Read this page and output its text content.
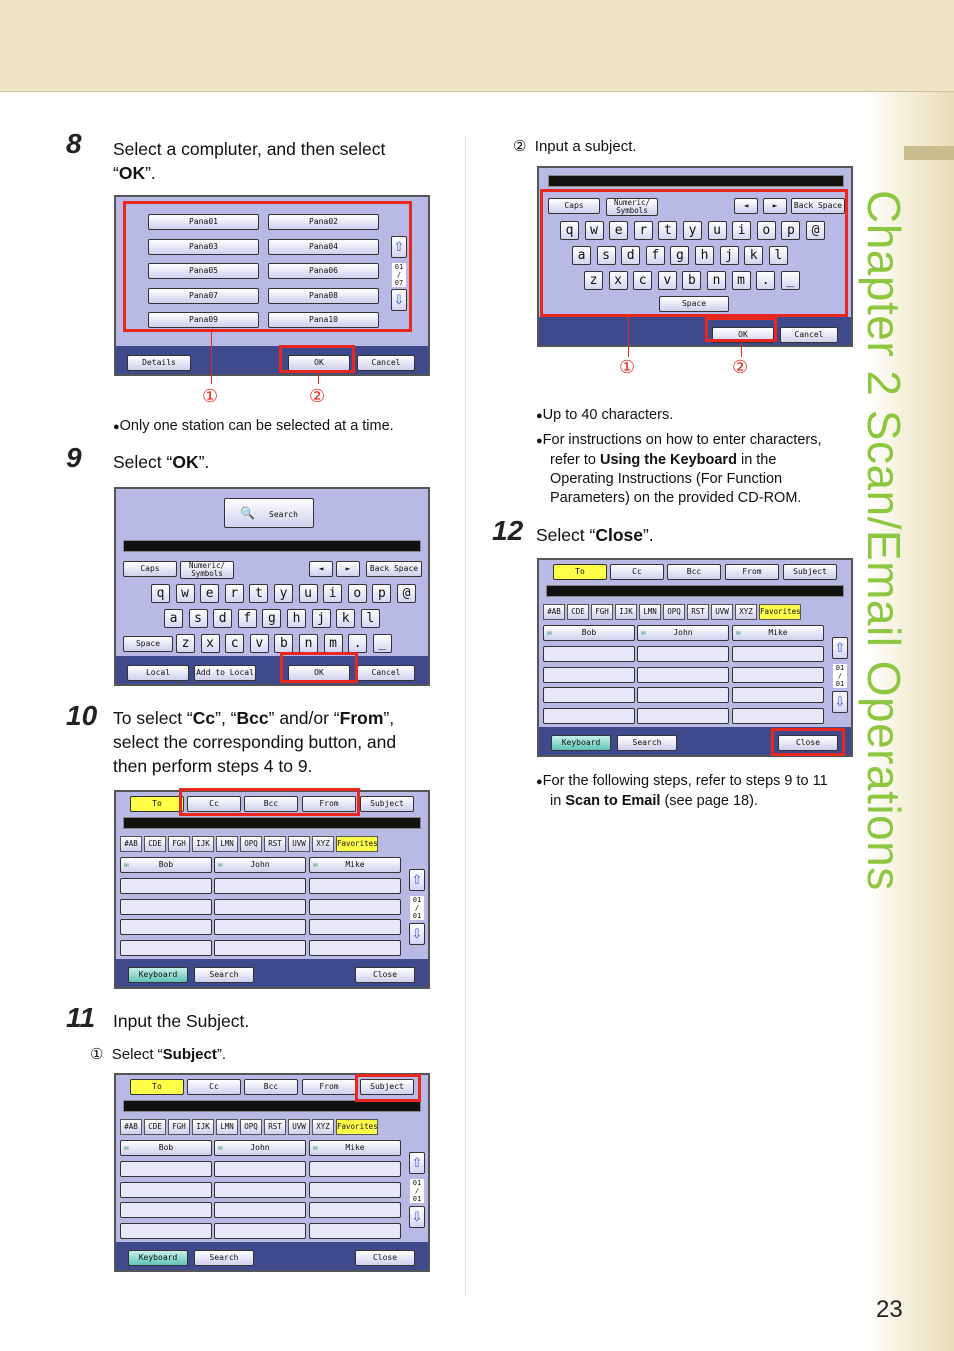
Chapter 2 Scan/Email Operations
23
8 Select a compluter, and then select
“OK”.
Pana01	Pana02
Pana03	Pana04
Pana05	Pana06
Pana07	Pana08
Pana09	Pana10
⇧
01
/
07
⇩
Details	OK	Cancel
①	②
●Only one station can be selected at a time.
9 Select “OK”.
🔍 Search
Caps	Numeric/
Symbols
◄	►	Back Space
q	w	e	r	t	y	u	i	o	p	@
a	s	d	f	g	h	j	k	l
z	x	c	v	b	n	m	.	_
Space
Local	Add to Local	OK	Cancel
10 To select “Cc”, “Bcc” and/or “From”,
select the corresponding button, and
then perform steps 4 to 9.
To	Cc	Bcc	From	Subject
#AB	CDE	FGH	IJK	LMN	OPQ	RST	UVW	XYZ Favorites
✉	Bob	✉	John	✉	Mike
⇧
01
/
01
⇩
Keyboard	Search	Close
11 Input the Subject.
① Select “Subject”.
To	Cc	Bcc	From	Subject
#AB	CDE	FGH	IJK	LMN	OPQ	RST	UVW	XYZ Favorites
✉	Bob	✉	John	✉	Mike
⇧
01
/
01
⇩
Keyboard	Search	Close
② Input a subject.
Caps	Numeric/
Symbols
◄	►	Back Space
q	w	e	r	t	y	u	i	o	p	@
a	s	d	f	g	h	j	k	l
z	x	c	v	b	n	m	.	_
Space
OK	Cancel
①	②
●Up to 40 characters.
●For instructions on how to enter characters,
refer to Using the Keyboard in the
Operating Instructions (For Function
Parameters) on the provided CD-ROM.
12 Select “Close”.
To	Cc	Bcc	From	Subject
#AB	CDE	FGH	IJK	LMN	OPQ	RST	UVW	XYZ Favorites
✉	Bob	✉	John	✉	Mike
⇧
01
/
01
⇩
Keyboard	Search	Close
●For the following steps, refer to steps 9 to 11
in Scan to Email (see page 18).
